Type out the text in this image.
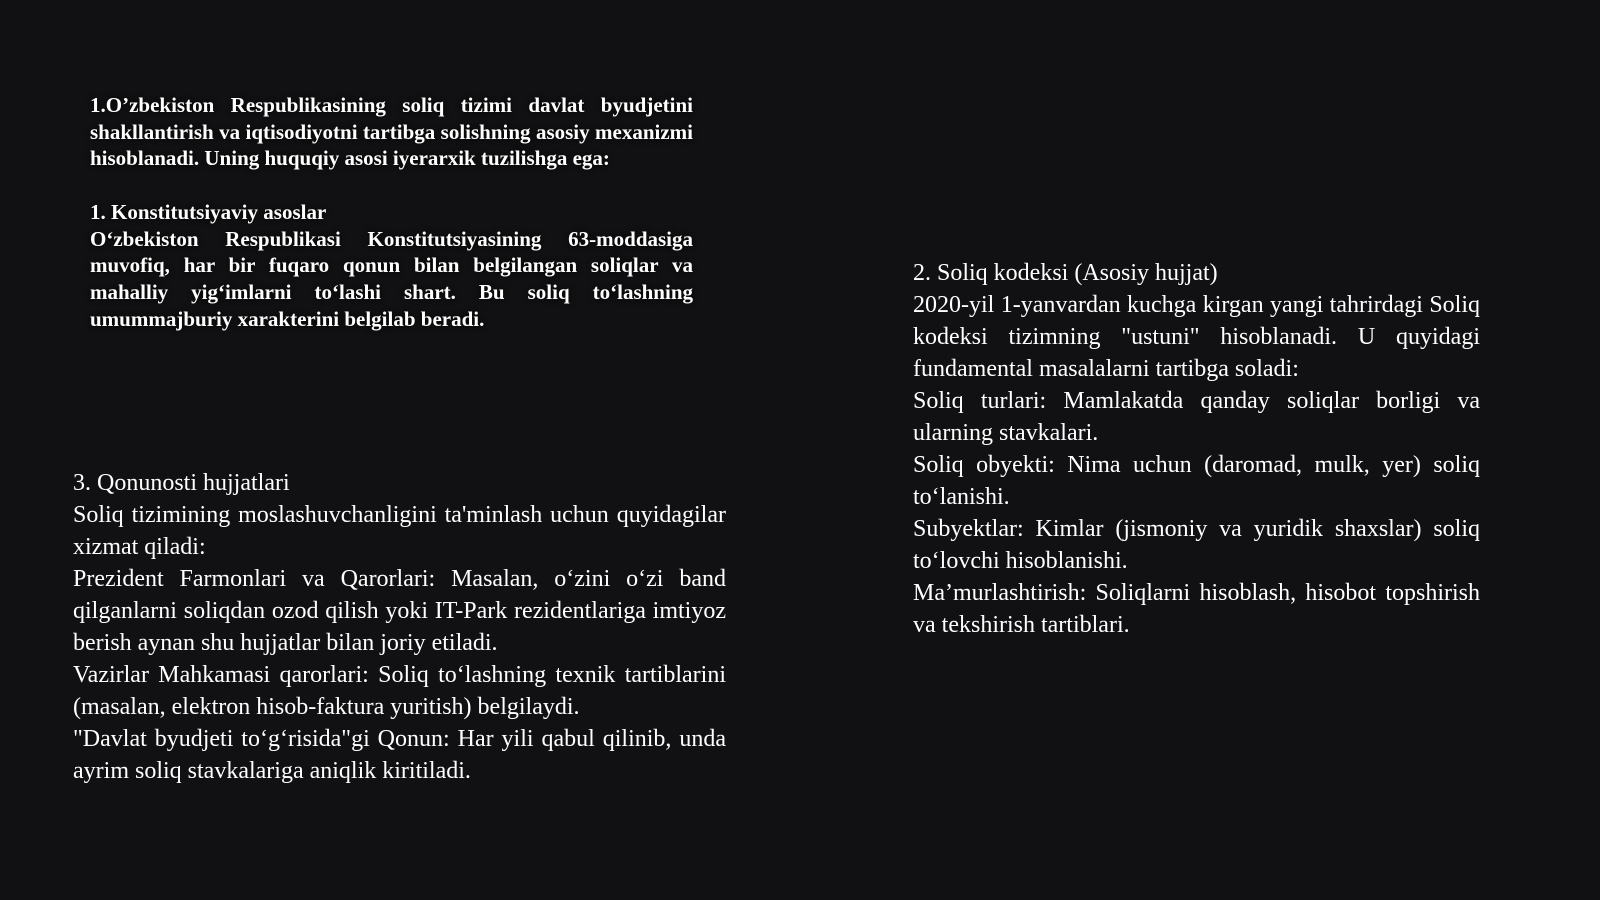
1.O’zbekiston Respublikasining soliq tizimi davlat byudjetini shakllantirish va iqtisodiyotni tartibga solishning asosiy mexanizmi hisoblanadi. Uning huquqiy asosi iyerarxik tuzilishga ega:

1. Konstitutsiyaviy asoslar

O‘zbekiston Respublikasi Konstitutsiyasining 63-moddasiga muvofiq, har bir fuqaro qonun bilan belgilangan soliqlar va mahalliy yig‘imlarni to‘lashi shart. Bu soliq to‘lashning umummajburiy xarakterini belgilab beradi.

2. Soliq kodeksi (Asosiy hujjat)

2020-yil 1-yanvardan kuchga kirgan yangi tahrirdagi Soliq kodeksi tizimning "ustuni" hisoblanadi. U quyidagi fundamental masalalarni tartibga soladi:

Soliq turlari: Mamlakatda qanday soliqlar borligi va ularning stavkalari.

Soliq obyekti: Nima uchun (daromad, mulk, yer) soliq to‘lanishi.

Subyektlar: Kimlar (jismoniy va yuridik shaxslar) soliq to‘lovchi hisoblanishi.

Ma’murlashtirish: Soliqlarni hisoblash, hisobot topshirish va tekshirish tartiblari.

3. Qonunosti hujjatlari

Soliq tizimining moslashuvchanligini ta'minlash uchun quyidagilar xizmat qiladi:

Prezident Farmonlari va Qarorlari: Masalan, o‘zini o‘zi band qilganlarni soliqdan ozod qilish yoki IT-Park rezidentlariga imtiyoz berish aynan shu hujjatlar bilan joriy etiladi.

Vazirlar Mahkamasi qarorlari: Soliq to‘lashning texnik tartiblarini (masalan, elektron hisob-faktura yuritish) belgilaydi.

"Davlat byudjeti to‘g‘risida"gi Qonun: Har yili qabul qilinib, unda ayrim soliq stavkalariga aniqlik kiritiladi.
